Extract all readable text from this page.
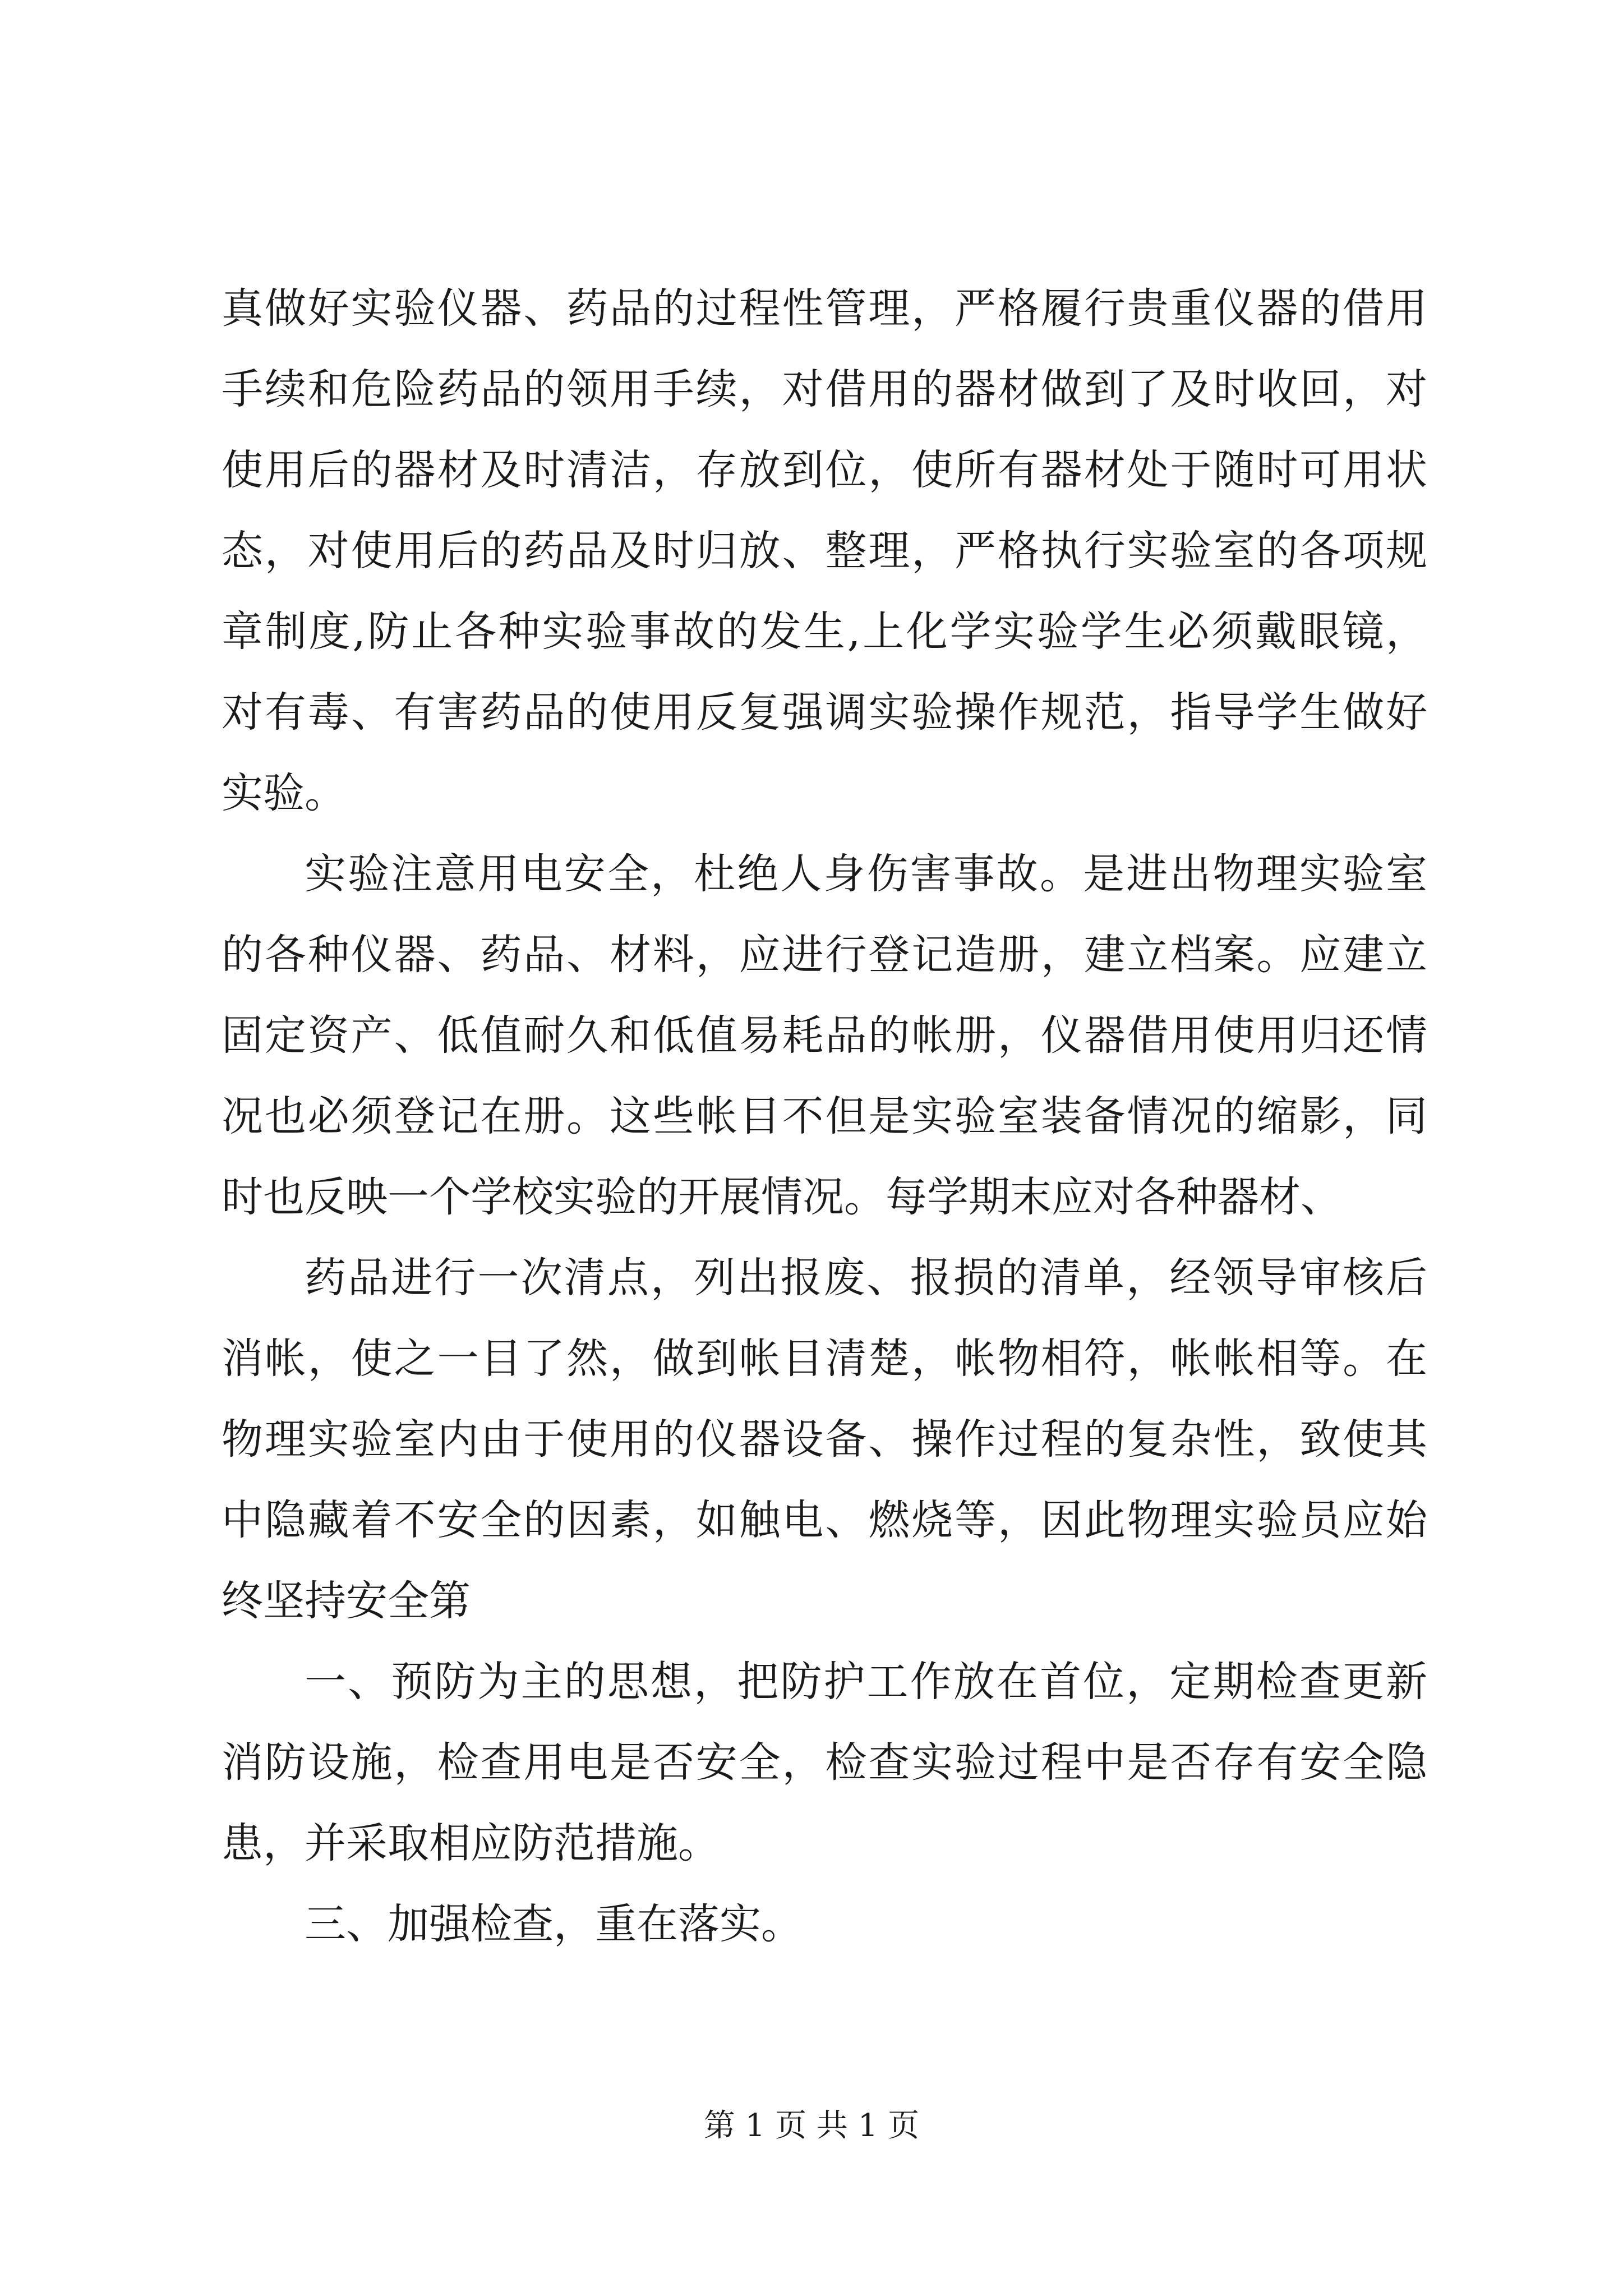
真做好实验仪器、药品的过程性管理，严格履行贵重仪器的借用
手续和危险药品的领用手续，对借用的器材做到了及时收回，对
使用后的器材及时清洁，存放到位，使所有器材处于随时可用状
态，对使用后的药品及时归放、整理，严格执行实验室的各项规
章制度,防止各种实验事故的发生,上化学实验学生必须戴眼镜，
对有毒、有害药品的使用反复强调实验操作规范，指导学生做好
实验。
实验注意用电安全，杜绝人身伤害事故。是进出物理实验室
的各种仪器、药品、材料，应进行登记造册，建立档案。应建立
固定资产、低值耐久和低值易耗品的帐册，仪器借用使用归还情
况也必须登记在册。这些帐目不但是实验室装备情况的缩影，同
时也反映一个学校实验的开展情况。每学期末应对各种器材、
药品进行一次清点，列出报废、报损的清单，经领导审核后
消帐，使之一目了然，做到帐目清楚，帐物相符，帐帐相等。在
物理实验室内由于使用的仪器设备、操作过程的复杂性，致使其
中隐藏着不安全的因素，如触电、燃烧等，因此物理实验员应始
终坚持安全第
一、预防为主的思想，把防护工作放在首位，定期检查更新
消防设施，检查用电是否安全，检查实验过程中是否存有安全隐
患，并采取相应防范措施。
三、加强检查，重在落实。
第 1 页 共 1 页
